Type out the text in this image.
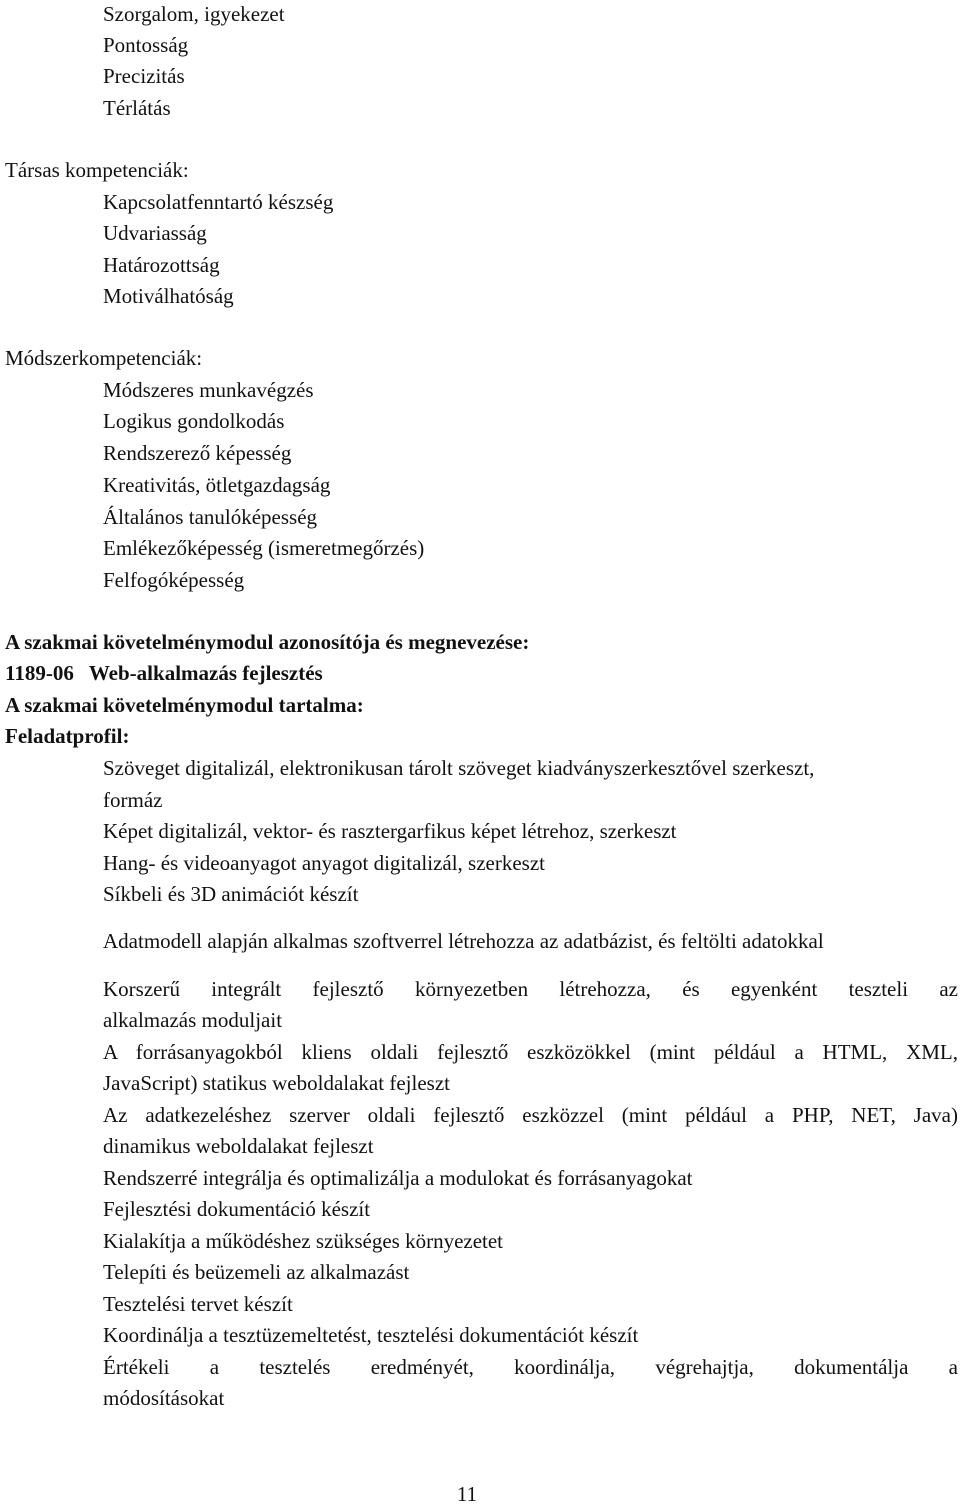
Szorgalom, igyekezet
Pontosság
Precizitás
Térlátás
Társas kompetenciák:
Kapcsolatfenntartó készség
Udvariasság
Határozottság
Motiválhatóság
Módszerkompetenciák:
Módszeres munkavégzés
Logikus gondolkodás
Rendszerező képesség
Kreativitás, ötletgazdagság
Általános tanulóképesség
Emlékezőképesség (ismeretmegőrzés)
Felfogóképesség
A szakmai követelménymodul azonosítója és megnevezése:
1189-06 Web-alkalmazás fejlesztés
A szakmai követelménymodul tartalma:
Feladatprofil:
Szöveget digitalizál, elektronikusan tárolt szöveget kiadványszerkesztővel szerkeszt,
formáz
Képet digitalizál, vektor- és rasztergarfikus képet létrehoz, szerkeszt
Hang- és videoanyagot anyagot digitalizál, szerkeszt
Síkbeli és 3D animációt készít
Adatmodell alapján alkalmas szoftverrel létrehozza az adatbázist, és feltölti adatokkal
Korszerű integrált fejlesztő környezetben létrehozza, és egyenként teszteli az
alkalmazás moduljait
A forrásanyagokból kliens oldali fejlesztő eszközökkel (mint például a HTML, XML,
JavaScript) statikus weboldalakat fejleszt
Az adatkezeléshez szerver oldali fejlesztő eszközzel (mint például a PHP, NET, Java)
dinamikus weboldalakat fejleszt
Rendszerré integrálja és optimalizálja a modulokat és forrásanyagokat
Fejlesztési dokumentáció készít
Kialakítja a működéshez szükséges környezetet
Telepíti és beüzemeli az alkalmazást
Tesztelési tervet készít
Koordinálja a tesztüzemeltetést, tesztelési dokumentációt készít
Értékeli a tesztelés eredményét, koordinálja, végrehajtja, dokumentálja a
módosításokat
11
